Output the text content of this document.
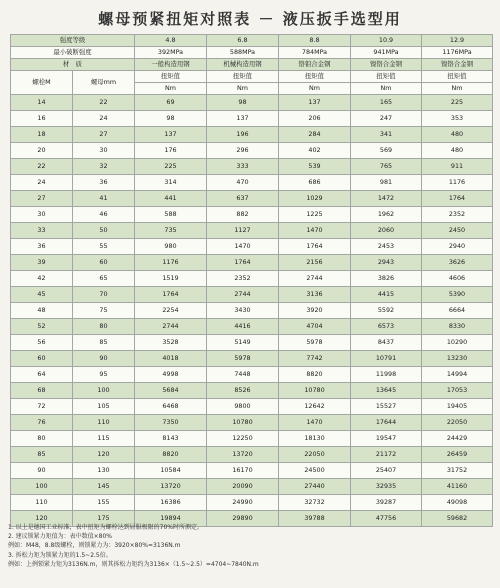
螺母预紧扭矩对照表 － 液压扳手选型用
强度等级		4.8	6.8	8.8	10.9	12.9
最小破断强度		392MPa	588MPa	784MPa	941MPa	1176MPa
材　质		一般构造用钢	机械构造用钢	铬钼合金钢	镍铬合金钢	镍铬合金钢
螺栓M	螺母mm	扭矩值	扭矩值	扭矩值	扭矩值	扭矩值
		Nm	Nm	Nm	Nm	Nm
14	22	69	98	137	165	225
16	24	98	137	206	247	353
18	27	137	196	284	341	480
20	30	176	296	402	569	480
22	32	225	333	539	765	911
24	36	314	470	686	981	1176
27	41	441	637	1029	1472	1764
30	46	588	882	1225	1962	2352
33	50	735	1127	1470	2060	2450
36	55	980	1470	1764	2453	2940
39	60	1176	1764	2156	2943	3626
42	65	1519	2352	2744	3826	4606
45	70	1764	2744	3136	4415	5390
48	75	2254	3430	3920	5592	6664
52	80	2744	4416	4704	6573	8330
56	85	3528	5149	5978	8437	10290
60	90	4018	5978	7742	10791	13230
64	95	4998	7448	8820	11998	14994
68	100	5684	8526	10780	13645	17053
72	105	6468	9800	12642	15527	19405
76	110	7350	10780	1470	17644	22050
80	115	8143	12250	18130	19547	24429
85	120	8820	13720	22050	21172	26459
90	130	10584	16170	24500	25407	31752
100	145	13720	20090	27440	32935	41160
110	155	16386	24990	32732	39287	49098
120	175	19894	29890	39788	47756	59682
1. 以上是德国工业标准，表中扭矩为螺栓达到屈服极限的70%时所测定。
2. 建议锁紧力矩值为：表中数值×80%
例如：M48，8.8级螺栓，则锁紧力为：3920×80%=3136N.m
3. 拆松力矩为锁紧力矩的1.5~2.5倍。
例如：上例锁紧力矩为3136N.m，则其拆松力矩约为3136×（1.5~2.5）=4704~7840N.m
